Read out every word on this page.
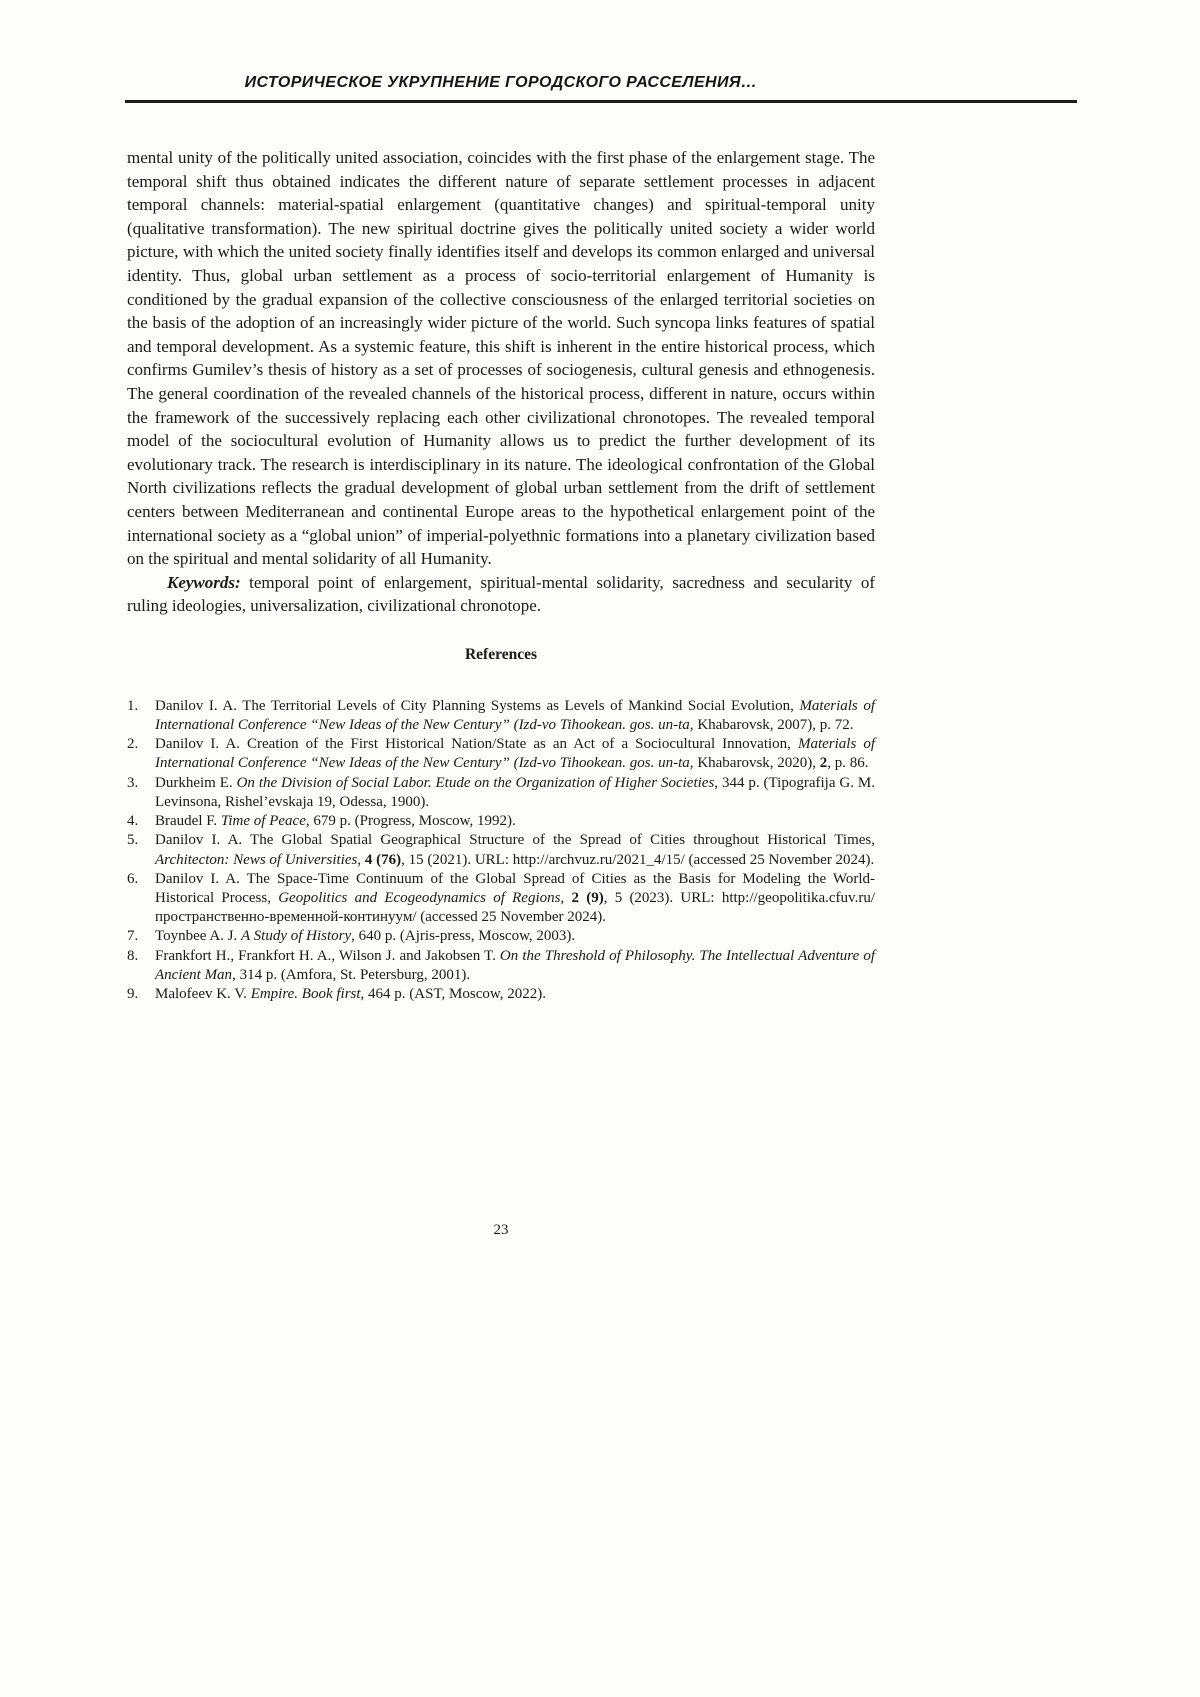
ИСТОРИЧЕСКОЕ УКРУПНЕНИЕ ГОРОДСКОГО РАССЕЛЕНИЯ…

mental unity of the politically united association, coincides with the first phase of the enlargement stage. The temporal shift thus obtained indicates the different nature of separate settlement processes in adjacent temporal channels: material-spatial enlargement (quantitative changes) and spiritual-temporal unity (qualitative transformation). The new spiritual doctrine gives the politically united society a wider world picture, with which the united society finally identifies itself and develops its common enlarged and universal identity. Thus, global urban settlement as a process of socio-territorial enlargement of Humanity is conditioned by the gradual expansion of the collective consciousness of the enlarged territorial societies on the basis of the adoption of an increasingly wider picture of the world. Such syncopa links features of spatial and temporal development. As a systemic feature, this shift is inherent in the entire historical process, which confirms Gumilev’s thesis of history as a set of processes of sociogenesis, cultural genesis and ethnogenesis. The general coordination of the revealed channels of the historical process, different in nature, occurs within the framework of the successively replacing each other civilizational chronotopes. The revealed temporal model of the sociocultural evolution of Humanity allows us to predict the further development of its evolutionary track. The research is interdisciplinary in its nature. The ideological confrontation of the Global North civilizations reflects the gradual development of global urban settlement from the drift of settlement centers between Mediterranean and continental Europe areas to the hypothetical enlargement point of the international society as a “global union” of imperial-polyethnic formations into a planetary civilization based on the spiritual and mental solidarity of all Humanity.

Keywords: temporal point of enlargement, spiritual-mental solidarity, sacredness and secularity of ruling ideologies, universalization, civilizational chronotope.

References
1. Danilov I. A. The Territorial Levels of City Planning Systems as Levels of Mankind Social Evolution, Materials of International Conference “New Ideas of the New Century” (Izd-vo Tihookean. gos. un-ta, Khabarovsk, 2007), p. 72.
2. Danilov I. A. Creation of the First Historical Nation/State as an Act of a Sociocultural Innovation, Materials of International Conference “New Ideas of the New Century” (Izd-vo Tihookean. gos. un-ta, Khabarovsk, 2020), 2, p. 86.
3. Durkheim E. On the Division of Social Labor. Etude on the Organization of Higher Societies, 344 p. (Tipografija G. M. Levinsona, Rishel’evskaja 19, Odessa, 1900).
4. Braudel F. Time of Peace, 679 p. (Progress, Moscow, 1992).
5. Danilov I. A. The Global Spatial Geographical Structure of the Spread of Cities throughout Historical Times, Architecton: News of Universities, 4 (76), 15 (2021). URL: http://archvuz.ru/2021_4/15/ (accessed 25 November 2024).
6. Danilov I. A. The Space-Time Continuum of the Global Spread of Cities as the Basis for Modeling the World-Historical Process, Geopolitics and Ecogeodynamics of Regions, 2 (9), 5 (2023). URL: http://geopolitika.cfuv.ru/пространственно-временной-континуум/ (accessed 25 November 2024).
7. Toynbee A. J. A Study of History, 640 p. (Ajris-press, Moscow, 2003).
8. Frankfort H., Frankfort H. A., Wilson J. and Jakobsen T. On the Threshold of Philosophy. The Intellectual Adventure of Ancient Man, 314 p. (Amfora, St. Petersburg, 2001).
9. Malofeev K. V. Empire. Book first, 464 p. (AST, Moscow, 2022).
23
